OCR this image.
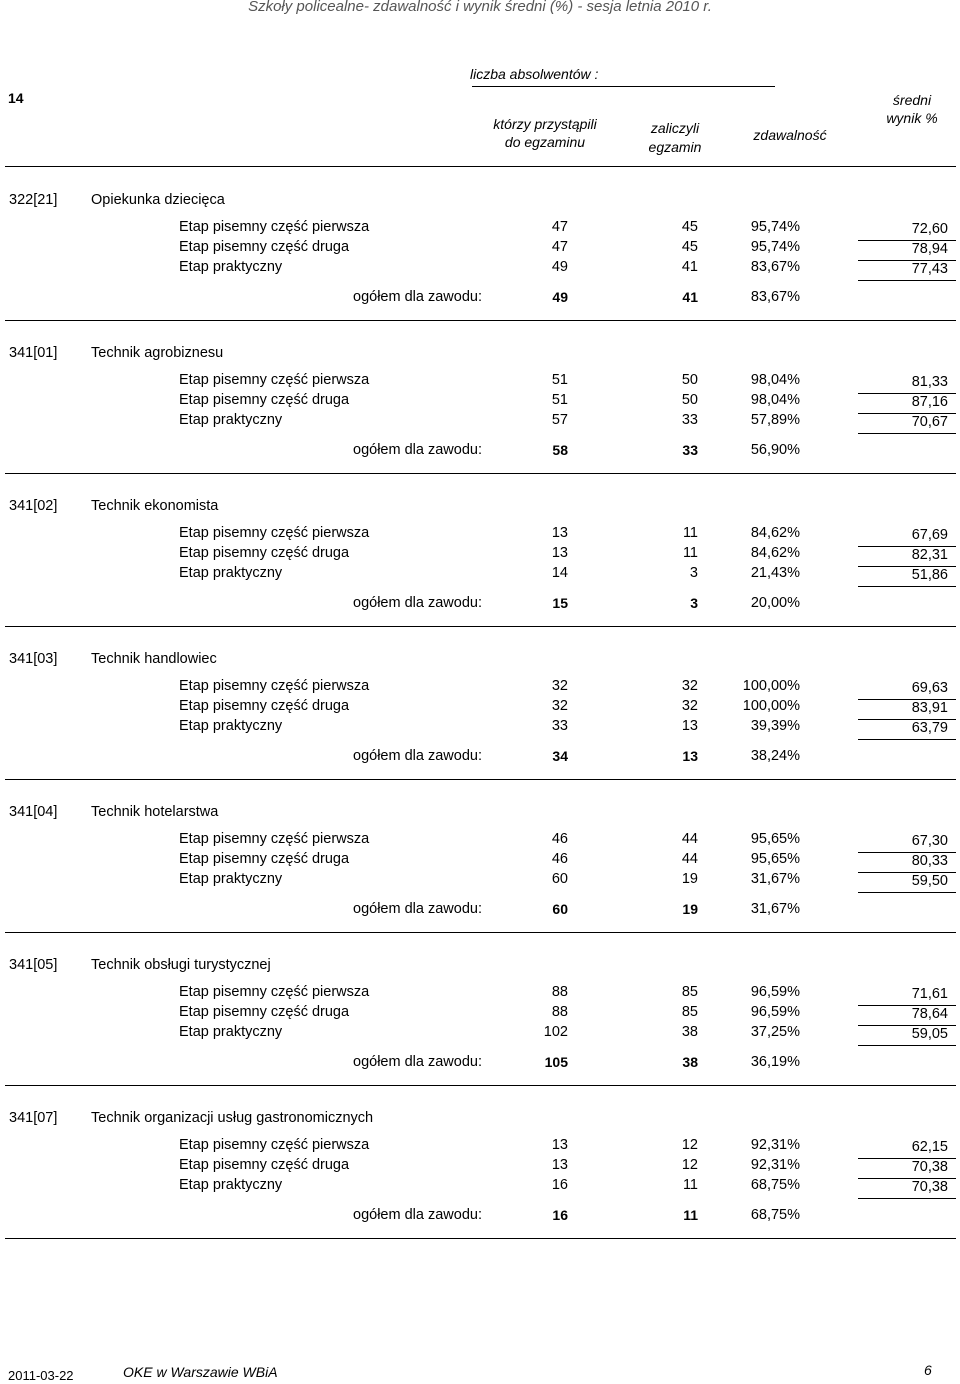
Szkoły policealne- zdawalność i wynik średni (%) - sesja letnia 2010 r.
14
liczba absolwentów :
którzy przystąpili
do egzaminu
zaliczyli
egzamin
zdawalność
średni
wynik %
322[21] Opiekunka dziecięca
Etap pisemny część pierwsza	47	45	95,74%	72,60
Etap pisemny część druga	47	45	95,74%	78,94
Etap praktyczny	49	41	83,67%	77,43
ogółem dla zawodu:	49	41	83,67%
341[01] Technik agrobiznesu
Etap pisemny część pierwsza	51	50	98,04%	81,33
Etap pisemny część druga	51	50	98,04%	87,16
Etap praktyczny	57	33	57,89%	70,67
ogółem dla zawodu:	58	33	56,90%
341[02] Technik ekonomista
Etap pisemny część pierwsza	13	11	84,62%	67,69
Etap pisemny część druga	13	11	84,62%	82,31
Etap praktyczny	14	3	21,43%	51,86
ogółem dla zawodu:	15	3	20,00%
341[03] Technik handlowiec
Etap pisemny część pierwsza	32	32	100,00%	69,63
Etap pisemny część druga	32	32	100,00%	83,91
Etap praktyczny	33	13	39,39%	63,79
ogółem dla zawodu:	34	13	38,24%
341[04] Technik hotelarstwa
Etap pisemny część pierwsza	46	44	95,65%	67,30
Etap pisemny część druga	46	44	95,65%	80,33
Etap praktyczny	60	19	31,67%	59,50
ogółem dla zawodu:	60	19	31,67%
341[05] Technik obsługi turystycznej
Etap pisemny część pierwsza	88	85	96,59%	71,61
Etap pisemny część druga	88	85	96,59%	78,64
Etap praktyczny	102	38	37,25%	59,05
ogółem dla zawodu:	105	38	36,19%
341[07] Technik organizacji usług gastronomicznych
Etap pisemny część pierwsza	13	12	92,31%	62,15
Etap pisemny część druga	13	12	92,31%	70,38
Etap praktyczny	16	11	68,75%	70,38
ogółem dla zawodu:	16	11	68,75%
2011-03-22	OKE w Warszawie WBiA	6
